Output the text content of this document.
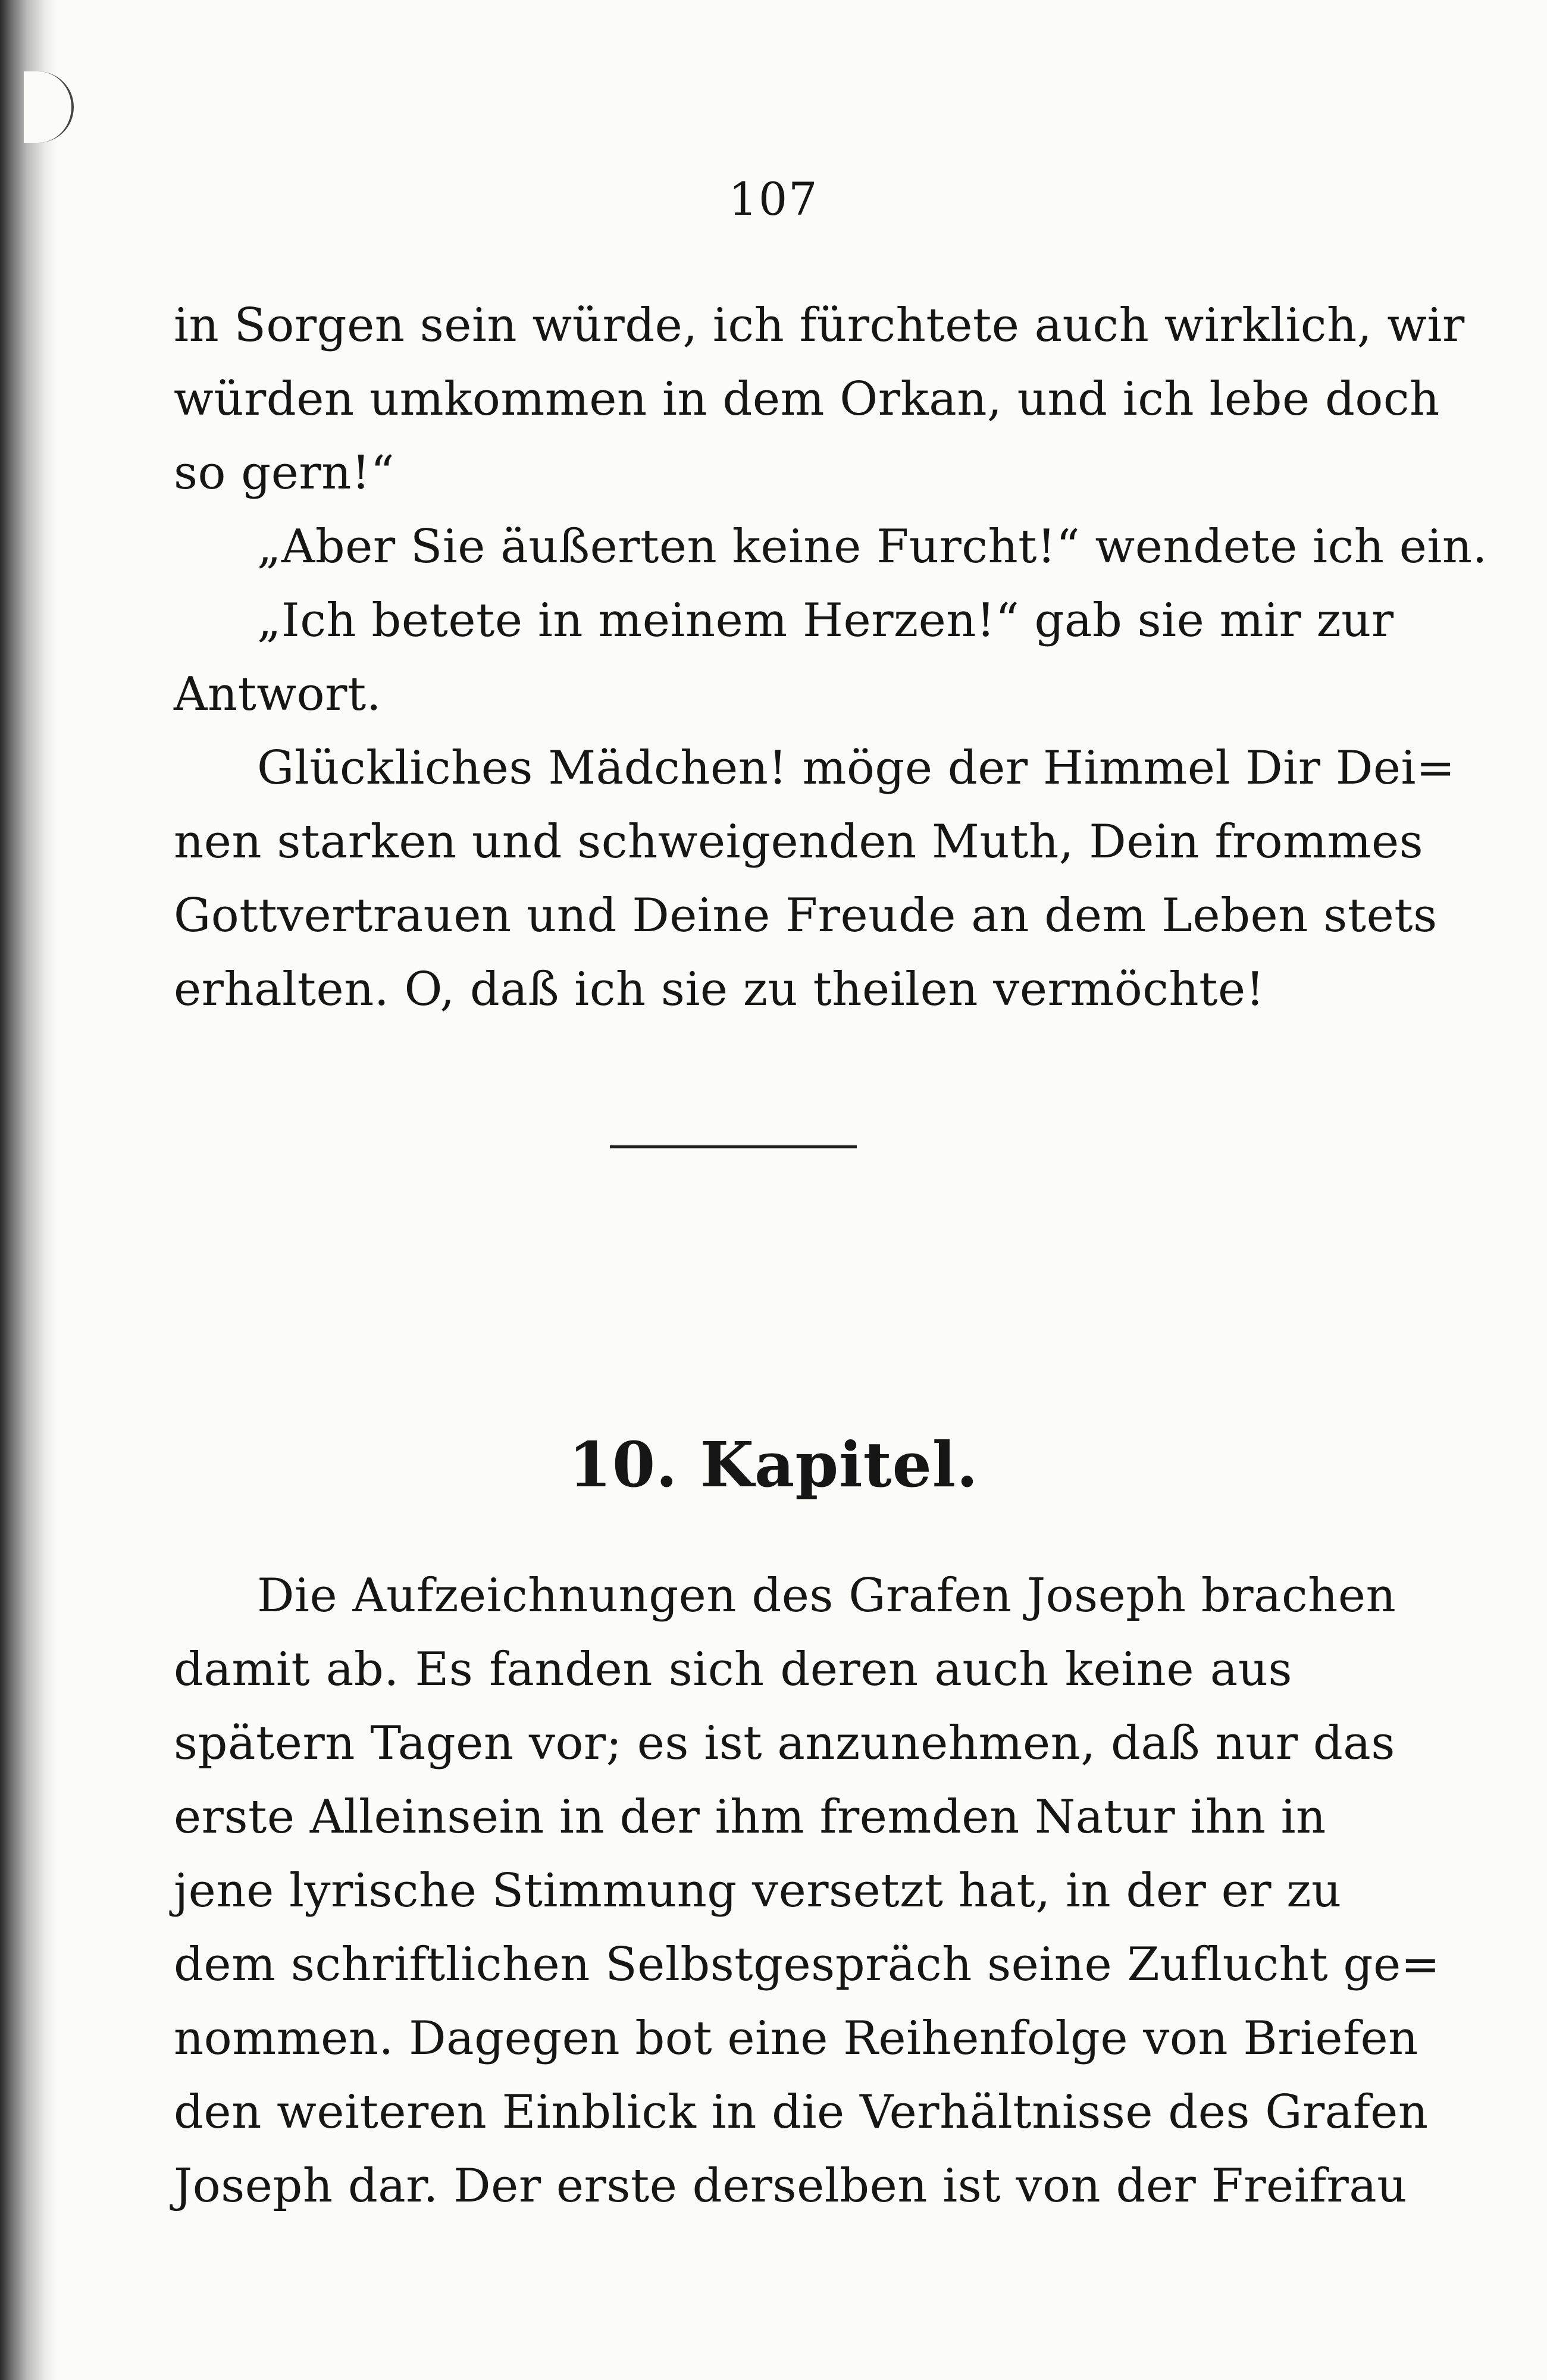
107
in Sorgen sein würde, ich fürchtete auch wirklich, wir
würden umkommen in dem Orkan, und ich lebe doch
so gern!“
„Aber Sie äußerten keine Furcht!“ wendete ich ein.
„Ich betete in meinem Herzen!“ gab sie mir zur
Antwort.
Glückliches Mädchen! möge der Himmel Dir Dei=
nen starken und schweigenden Muth, Dein frommes
Gottvertrauen und Deine Freude an dem Leben stets
erhalten. O, daß ich sie zu theilen vermöchte!
10. Kapitel.
Die Aufzeichnungen des Grafen Joseph brachen
damit ab. Es fanden sich deren auch keine aus
spätern Tagen vor; es ist anzunehmen, daß nur das
erste Alleinsein in der ihm fremden Natur ihn in
jene lyrische Stimmung versetzt hat, in der er zu
dem schriftlichen Selbstgespräch seine Zuflucht ge=
nommen. Dagegen bot eine Reihenfolge von Briefen
den weiteren Einblick in die Verhältnisse des Grafen
Joseph dar. Der erste derselben ist von der Freifrau
